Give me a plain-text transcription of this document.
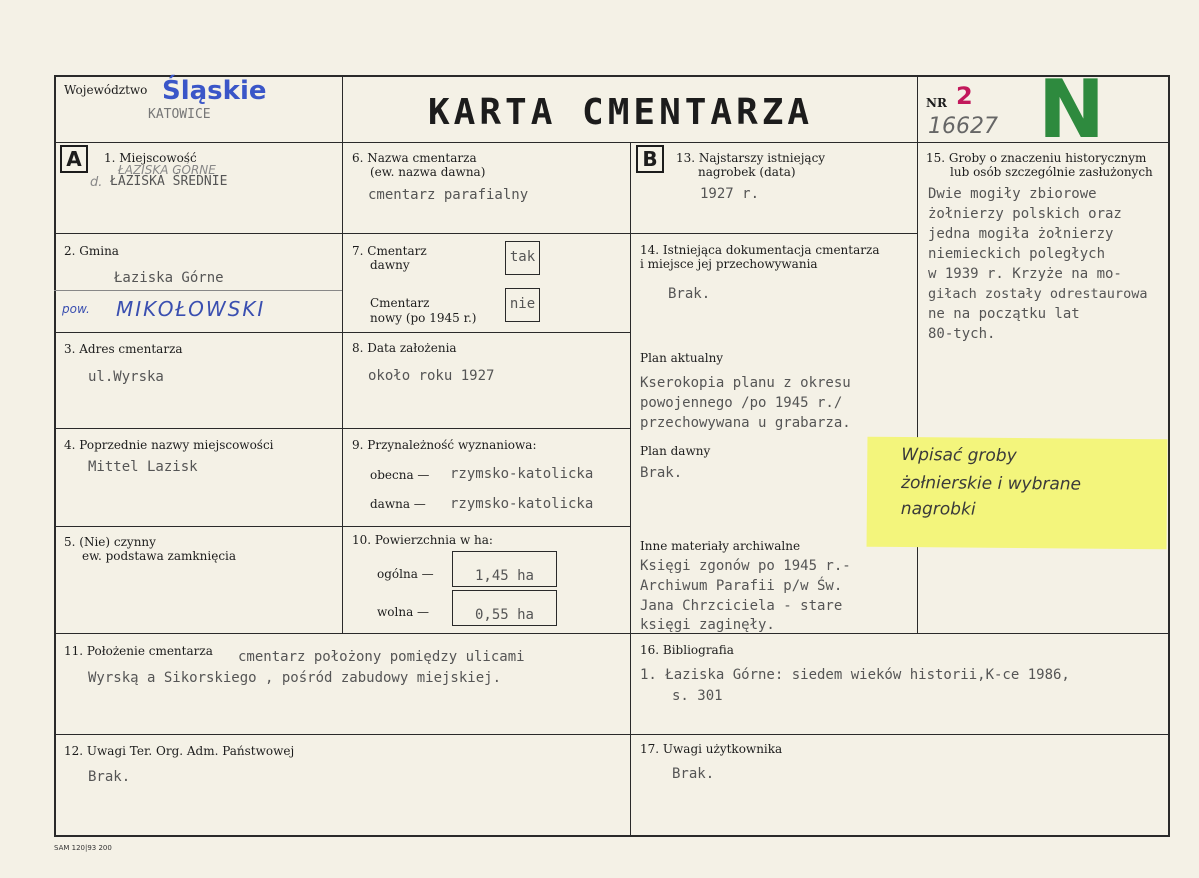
Województwo Śląskie
KATOWICE	KARTA CMENTARZA	NR 2
16627 N
A	B
1. Miejscowość
ŁAZISKA GÓRNE
d. ŁAZISKA ŚREDNIE
2. Gmina
Łaziska Górne
pow. MIKOŁOWSKI
3. Adres cmentarza
ul.Wyrska
4. Poprzednie nazwy miejscowości
Mittel Lazisk
5. (Nie) czynny
ew. podstawa zamknięcia
6. Nazwa cmentarza
(ew. nazwa dawna)
cmentarz parafialny
7. Cmentarz
dawny	tak
Cmentarz
nowy (po 1945 r.)
nie
8. Data założenia
około roku 1927
9. Przynależność wyznaniowa:
obecna — rzymsko-katolicka
dawna — rzymsko-katolicka
10. Powierzchnia w ha:
ogólna —	1,45 ha
wolna —	0,55 ha
11. Położenie cmentarza cmentarz położony pomiędzy ulicami
Wyrską a Sikorskiego , pośród zabudowy miejskiej.
12. Uwagi Ter. Org. Adm. Państwowej
Brak.
13. Najstarszy istniejący
nagrobek (data)
1927 r.
14. Istniejąca dokumentacja cmentarza
i miejsce jej przechowywania
Brak.
Plan aktualny
Kserokopia planu z okresu
powojennego /po 1945 r./
przechowywana u grabarza.
Plan dawny
Brak.
Inne materiały archiwalne
Księgi zgonów po 1945 r.-
Archiwum Parafii p/w Św.
Jana Chrzciciela - stare
księgi zaginęły.
15. Groby o znaczeniu historycznym
lub osób szczególnie zasłużonych
Dwie mogiły zbiorowe
żołnierzy polskich oraz
jedna mogiła żołnierzy
niemieckich poległych
w 1939 r. Krzyże na mo-
giłach zostały odrestaurowa
ne na początku lat
80-tych.
16. Bibliografia
1. Łaziska Górne: siedem wieków historii,K-ce 1986,
s. 301
17. Uwagi użytkownika
Brak.
Wpisać groby
żołnierskie i wybrane
nagrobki
SAM 120|93 200
